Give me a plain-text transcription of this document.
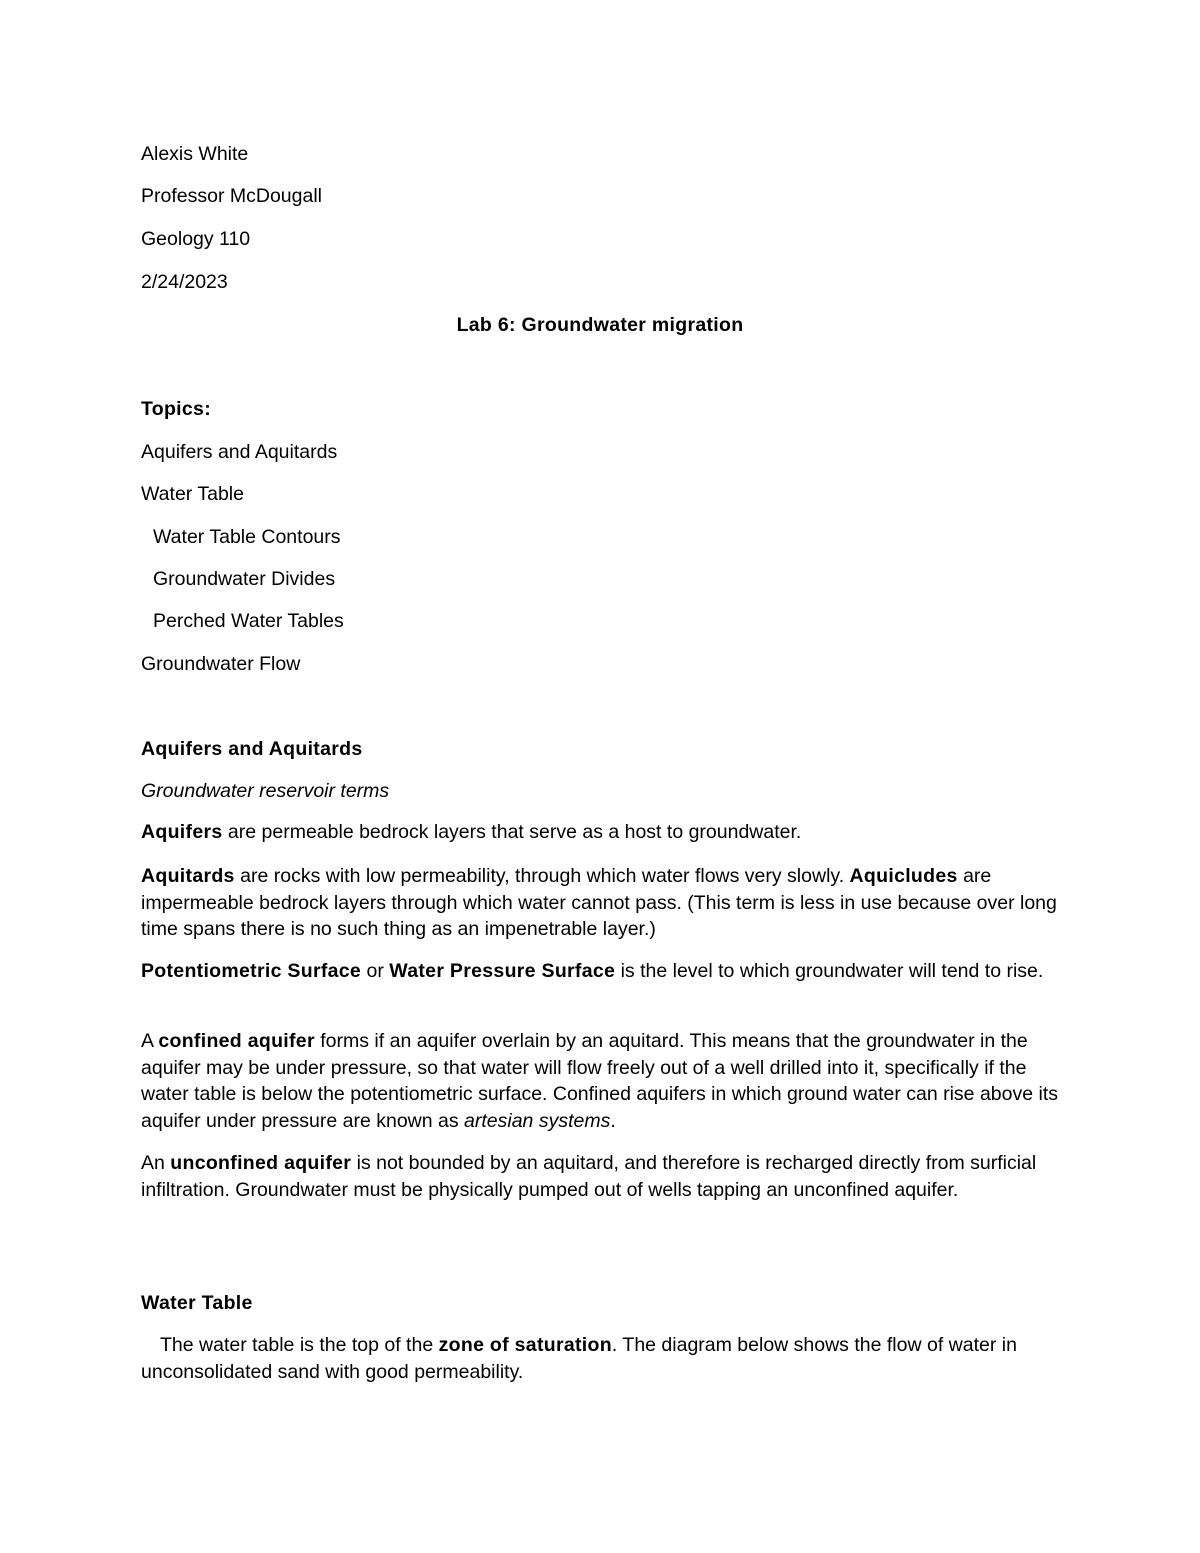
Alexis White

Professor McDougall

Geology 110

2/24/2023

Lab 6: Groundwater migration

Topics:

Aquifers and Aquitards

Water Table

Water Table Contours

Groundwater Divides

Perched Water Tables

Groundwater Flow

Aquifers and Aquitards

Groundwater reservoir terms

Aquifers are permeable bedrock layers that serve as a host to groundwater.

Aquitards are rocks with low permeability, through which water flows very slowly. Aquicludes are impermeable bedrock layers through which water cannot pass. (This term is less in use because over long time spans there is no such thing as an impenetrable layer.)

Potentiometric Surface or Water Pressure Surface is the level to which groundwater will tend to rise.

A confined aquifer forms if an aquifer overlain by an aquitard. This means that the groundwater in the aquifer may be under pressure, so that water will flow freely out of a well drilled into it, specifically if the water table is below the potentiometric surface. Confined aquifers in which ground water can rise above its aquifer under pressure are known as artesian systems.

An unconfined aquifer is not bounded by an aquitard, and therefore is recharged directly from surficial infiltration. Groundwater must be physically pumped out of wells tapping an unconfined aquifer.

Water Table

The water table is the top of the zone of saturation. The diagram below shows the flow of water in unconsolidated sand with good permeability.
